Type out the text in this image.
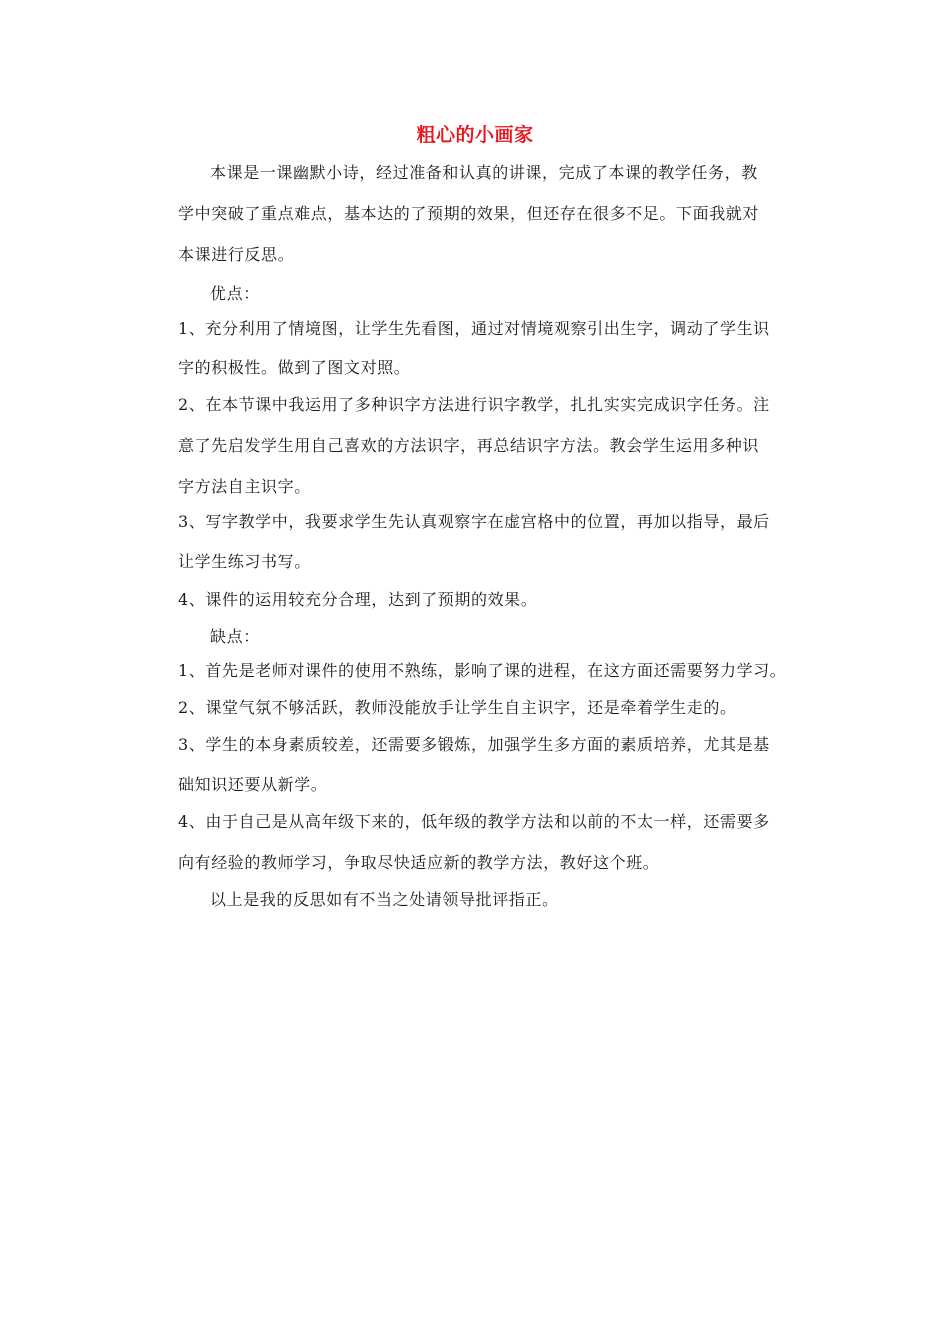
粗心的小画家
本课是一课幽默小诗，经过准备和认真的讲课，完成了本课的教学任务，教
学中突破了重点难点，基本达的了预期的效果，但还存在很多不足。下面我就对
本课进行反思。
优点：
1、充分利用了情境图，让学生先看图，通过对情境观察引出生字，调动了学生识
字的积极性。做到了图文对照。
2、在本节课中我运用了多种识字方法进行识字教学，扎扎实实完成识字任务。注
意了先启发学生用自己喜欢的方法识字，再总结识字方法。教会学生运用多种识
字方法自主识字。
3、写字教学中，我要求学生先认真观察字在虚宫格中的位置，再加以指导，最后
让学生练习书写。
4、课件的运用较充分合理，达到了预期的效果。
缺点：
1、首先是老师对课件的使用不熟练，影响了课的进程，在这方面还需要努力学习。
2、课堂气氛不够活跃，教师没能放手让学生自主识字，还是牵着学生走的。
3、学生的本身素质较差，还需要多锻炼，加强学生多方面的素质培养，尤其是基
础知识还要从新学。
4、由于自己是从高年级下来的，低年级的教学方法和以前的不太一样，还需要多
向有经验的教师学习，争取尽快适应新的教学方法，教好这个班。
以上是我的反思如有不当之处请领导批评指正。
